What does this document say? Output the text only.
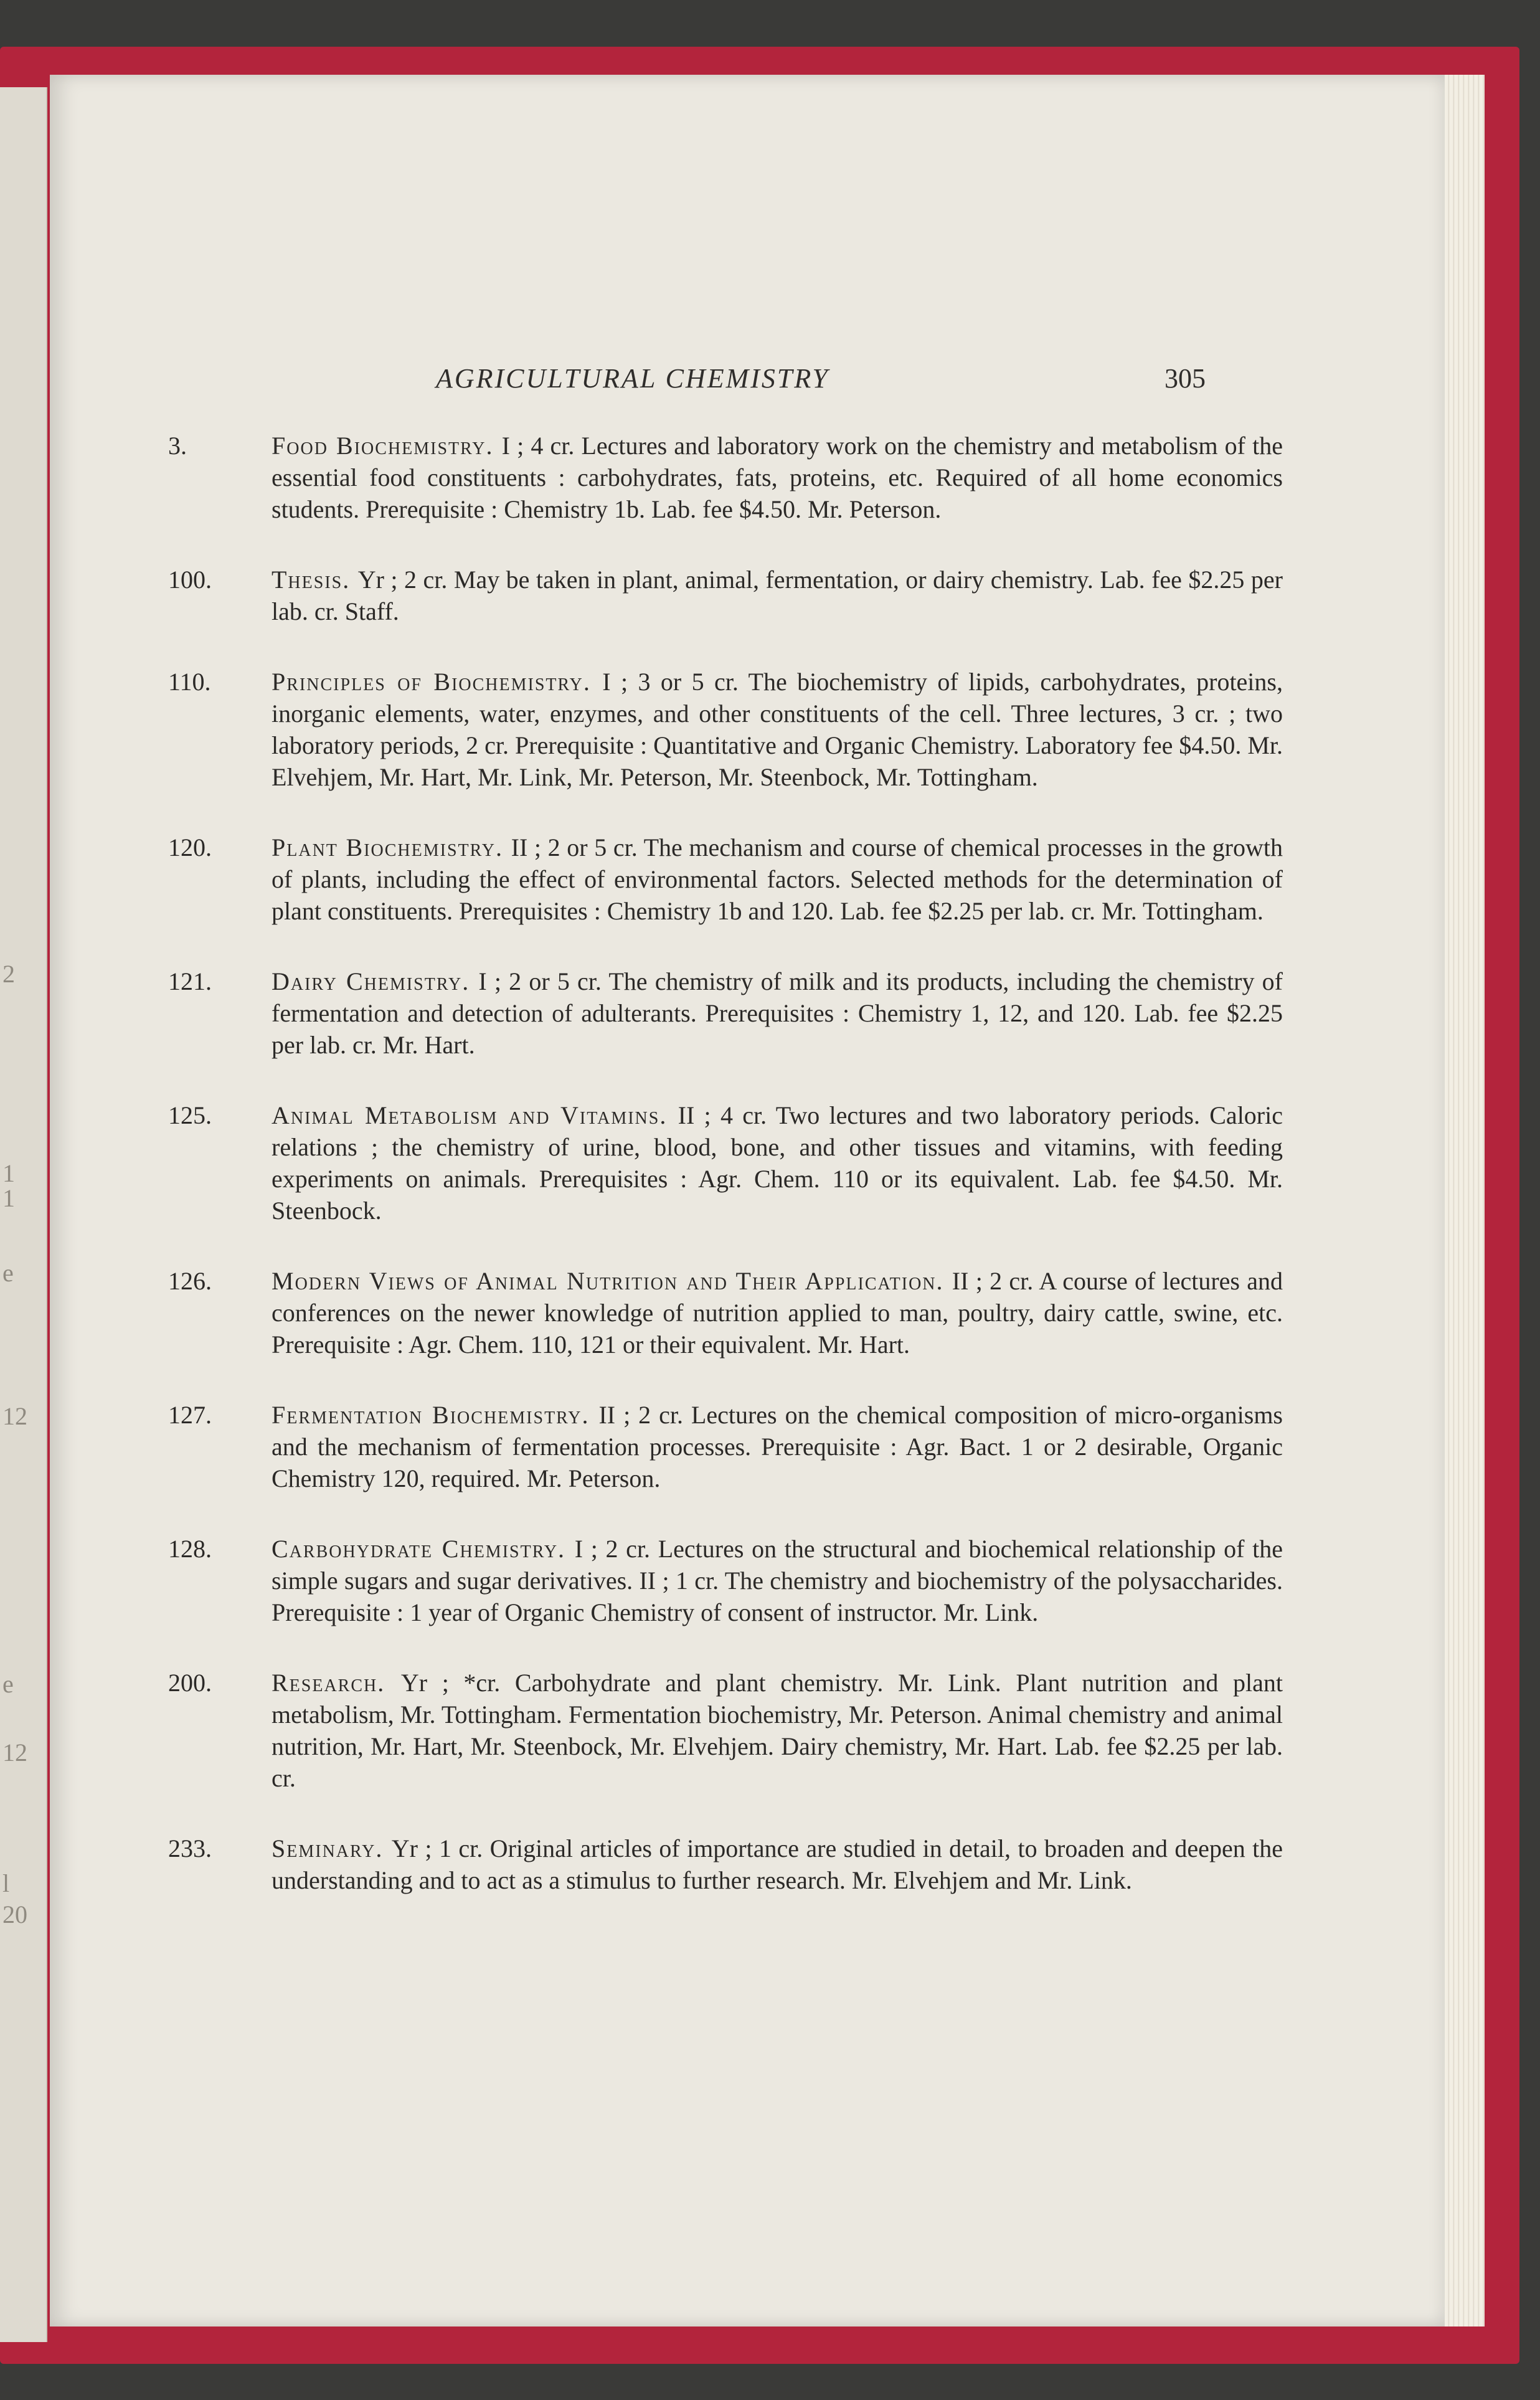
2
1
1
e
12
e
12
l
20
AGRICULTURAL CHEMISTRY	305
3.	Food Biochemistry. I ; 4 cr. Lectures and laboratory work on the chemistry and metabolism of the essential food constituents : carbohydrates, fats, proteins, etc. Required of all home economics students. Prerequisite : Chemistry 1b. Lab. fee $4.50. Mr. Peterson.
100.	Thesis. Yr ; 2 cr. May be taken in plant, animal, fermentation, or dairy chemistry. Lab. fee $2.25 per lab. cr. Staff.
110.	Principles of Biochemistry. I ; 3 or 5 cr. The biochemistry of lipids, carbohydrates, proteins, inorganic elements, water, enzymes, and other constituents of the cell. Three lectures, 3 cr. ; two laboratory periods, 2 cr. Prerequisite : Quantitative and Organic Chemistry. Laboratory fee $4.50. Mr. Elvehjem, Mr. Hart, Mr. Link, Mr. Peterson, Mr. Steenbock, Mr. Tottingham.
120.	Plant Biochemistry. II ; 2 or 5 cr. The mechanism and course of chemical processes in the growth of plants, including the effect of environmental factors. Selected methods for the determination of plant constituents. Prerequisites : Chemistry 1b and 120. Lab. fee $2.25 per lab. cr. Mr. Tottingham.
121.	Dairy Chemistry. I ; 2 or 5 cr. The chemistry of milk and its products, including the chemistry of fermentation and detection of adulterants. Prerequisites : Chemistry 1, 12, and 120. Lab. fee $2.25 per lab. cr. Mr. Hart.
125.	Animal Metabolism and Vitamins. II ; 4 cr. Two lectures and two laboratory periods. Caloric relations ; the chemistry of urine, blood, bone, and other tissues and vitamins, with feeding experiments on animals. Prerequisites : Agr. Chem. 110 or its equivalent. Lab. fee $4.50. Mr. Steenbock.
126.	Modern Views of Animal Nutrition and Their Application. II ; 2 cr. A course of lectures and conferences on the newer knowledge of nutrition applied to man, poultry, dairy cattle, swine, etc. Prerequisite : Agr. Chem. 110, 121 or their equivalent. Mr. Hart.
127.	Fermentation Biochemistry. II ; 2 cr. Lectures on the chemical composition of micro-organisms and the mechanism of fermentation processes. Prerequisite : Agr. Bact. 1 or 2 desirable, Organic Chemistry 120, required. Mr. Peterson.
128.	Carbohydrate Chemistry. I ; 2 cr. Lectures on the structural and biochemical relationship of the simple sugars and sugar derivatives. II ; 1 cr. The chemistry and biochemistry of the polysaccharides. Prerequisite : 1 year of Organic Chemistry of consent of instructor. Mr. Link.
200.	Research. Yr ; *cr. Carbohydrate and plant chemistry. Mr. Link. Plant nutrition and plant metabolism, Mr. Tottingham. Fermentation biochemistry, Mr. Peterson. Animal chemistry and animal nutrition, Mr. Hart, Mr. Steenbock, Mr. Elvehjem. Dairy chemistry, Mr. Hart. Lab. fee $2.25 per lab. cr.
233.	Seminary. Yr ; 1 cr. Original articles of importance are studied in detail, to broaden and deepen the understanding and to act as a stimulus to further research. Mr. Elvehjem and Mr. Link.
